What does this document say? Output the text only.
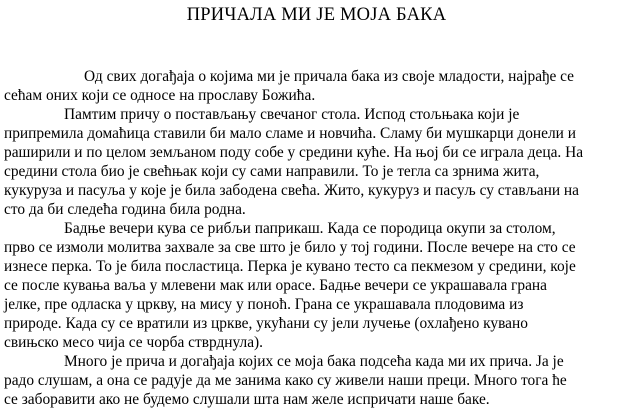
ПРИЧАЛА МИ ЈЕ МОЈА БАКА
Од свих догађаја о којима ми је причала бака из своје младости, најрађе се
сећам оних који се односе на прославу Божића.
Памтим причу о постављању свечаног стола. Испод стољњака који је
припремила домаћица ставили би мало сламе и новчића. Сламу би мушкарци донели и
раширили и по целом земљаном поду собе у средини куће. На њој би се играла деца. На
средини стола био је свећњак који су сами направили. То је тегла са зрнима жита,
кукуруза и пасуља у које је била забодена свећа. Жито, кукуруз и пасуљ су стављани на
сто да би следећа година била родна.
Бадње вечери кува се рибљи паприкаш. Када се породица окупи за столом,
прво се измоли молитва захвале за све што је било у тој години. После вечере на сто се
изнесе перка. То је била посластица. Перка је кувано тесто са пекмезом у средини, које
се после кувања ваља у млевени мак или орасе. Бадње вечери се украшавала грана
јелке, пре одласка у цркву, на мису у поноћ. Грана се украшавала плодовима из
природе. Када су се вратили из цркве, укућани су јели лучење (охлађено кувано
свињско месо чија се чорба стврднула).
Много је прича и догађаја којих се моја бака подсећа када ми их прича. Ја је
радо слушам, а она се радује да ме занима како су живели наши преци. Много тога ће
се заборавити ако не будемо слушали шта нам желе испричати наше баке.
